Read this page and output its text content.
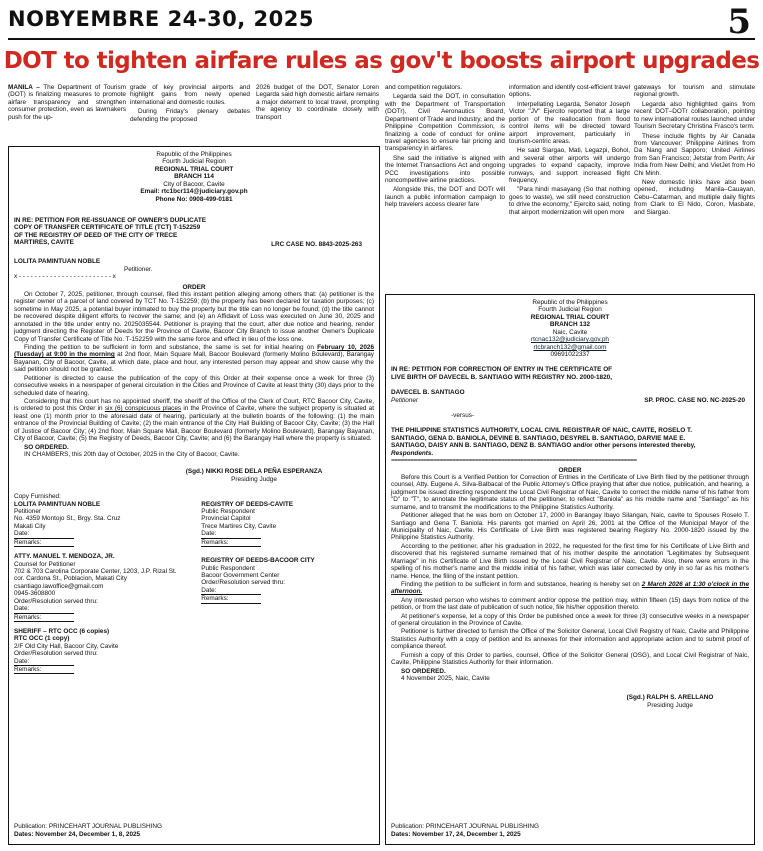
NOBYEMBRE 24-30, 2025	5
DOT to tighten airfare rules as gov't boosts airport upgrades

MANILA – The Department of Tourism (DOT) is finalizing measures to promote airfare transparency and strengthen consumer protection, even as lawmakers push for the up-

grade of key provincial airports and highlight gains from newly opened international and domestic routes.

During Friday's plenary debates defending the proposed

2026 budget of the DOT, Senator Loren Legarda said high domestic airfare remains a major deterrent to local travel, prompting the agency to coordinate closely with transport

and competition regulators.

Legarda said the DOT, in consultation with the Department of Transportation (DOTr), Civil Aeronautics Board, Department of Trade and Industry, and the Philippine Competition Commission, is finalizing a code of conduct for online travel agencies to ensure fair pricing and transparency in airfares.

She said the initiative is aligned with the Internet Transactions Act and ongoing PCC investigations into possible noncompetitive airline practices.

Alongside this, the DOT and DOTr will launch a public information campaign to help travelers access clearer fare

information and identify cost-efficient travel options.

Interpellating Legarda, Senator Joseph Victor "JV" Ejercito reported that a large portion of the reallocation from flood control items will be directed toward airport improvement, particularly in tourism-centric areas.

He said Siargao, Mati, Legazpi, Bohol, and several other airports will undergo upgrades to expand capacity, improve runways, and support increased flight frequency.

"Para hindi masayang (So that nothing goes to waste), we still need construction to drive the economy," Ejercito said, noting that airport modernization will open more

gateways for tourism and stimulate regional growth.

Legarda also highlighted gains from recent DOT–DOTr collaboration, pointing to new international routes launched under Tourism Secretary Christina Frasco's term.

These include flights by Air Canada from Vancouver; Philippine Airlines from Da Nang and Sapporo; United Airlines from San Francisco; Jetstar from Perth; Air India from New Delhi; and VietJet from Ho Chi Minh.

New domestic links have also been opened, including Manila–Cauayan, Cebu–Catarman, and multiple daily flights from Clark to El Nido, Coron, Masbate, and Siargao.

Republic of the Philippines
Fourth Judicial Region
REGIONAL TRIAL COURT
BRANCH 114
City of Bacoor, Cavite
Email: rtc1bcr114@judiciary.gov.ph
Phone No: 0908-499-0181
IN RE: PETITION FOR RE-ISSUANCE OF OWNER'S DUPLICATE COPY OF TRANSFER CERTIFICATE OF TITLE (TCT) T-152259 OF THE REGISTRY OF DEED OF THE CITY OF TRECE MARTIRES, CAVITE	LRC CASE NO. 8843-2025-263
LOLITA PAMINTUAN NOBLE
Petitioner.
x - - - - - - - - - - - - - - - - - - - - - - - - x
ORDER

On October 7, 2025, petitioner, through counsel, filed this instant petition alleging among others that: (a) petitioner is the register owner of a parcel of land covered by TCT No. T-152259; (b) the property has been declared for taxation purposes; (c) sometime in May 2025, a potential buyer intimated to buy the property but the title can no longer be found; (d) the title cannot be recovered despite diligent efforts to recover the same; and (e) an Affidavit of Loss was executed on June 30, 2025 and annotated in the title under entry no. 2025035544. Petitioner is praying that the court, after due notice and hearing, render judgment directing the Register of Deeds for the Province of Cavite, Bacoor City Branch to issue another Owner's Duplicate Copy of Transfer Certificate of Title No. T-152259 with the same force and effect in lieu of the loss one.

Finding the petition to be sufficient in form and substance, the same is set for initial hearing on February 10, 2026 (Tuesday) at 9:00 in the morning at 2nd floor, Main Square Mall, Bacoor Boulevard (formerly Molino Boulevard), Barangay Bayanan, City of Bacoor, Cavite, at which date, place and hour, any interested person may appear and show cause why the said petition should not be granted.

Petitioner is directed to cause the publication of the copy of this Order at their expense once a week for three (3) consecutive weeks in a newspaper of general circulation in the Cities and Province of Cavite at least thirty (30) days prior to the scheduled date of hearing.

Considering that this court has no appointed sheriff, the sheriff of the Office of the Clerk of Court, RTC Bacoor City, Cavite, is ordered to post this Order in six (6) conspicuous places in the Province of Cavite, where the subject property is situated at least one (1) month prior to the aforesaid date of hearing, particularly at the bulletin boards of the following: (1) the main entrance of the Provincial Building of Cavite; (2) the main entrance of the City Hall Building of Bacoor City, Cavite; (3) the Hall of Justice of Bacoor City; (4) 2nd floor, Main Square Mall, Bacoor Boulevard (formerly Molino Boulevard), Barangay Bayanan, City of Bacoor, Cavite; (5) the Registry of Deeds, Bacoor City, Cavite; and (6) the Barangay Hall where the property is situated.

SO ORDERED.

IN CHAMBERS, this 20th day of October, 2025 in the City of Bacoor, Cavite.

(Sgd.) NIKKI ROSE DELA PEÑA ESPERANZA
Presiding Judge
Copy Furnished:
LOLITA PAMINTUAN NOBLE
Petitioner
No. 4359 Montojo St., Brgy. Sta. Cruz
Makati City
Date:
Remarks:
ATTY. MANUEL T. MENDOZA, JR.
Counsel for Petitioner
702 & 703 Carolina Corporate Center, 1203, J.P. Rizal St. cor. Cardona St., Poblacion, Makati City
csantiago.lawoffice@gmail.com
0945-3608800
Order/Resolution served thru:
Date:
Remarks:
SHERIFF – RTC OCC (6 copies)
RTC OCC (1 copy)
2/F Old City Hall, Bacoor City, Cavite
Order/Resolution served thru:
Date:
Remarks:
REGISTRY OF DEEDS-CAVITE
Public Respondent
Provincial Capitol
Trece Martires City, Cavite
Date:
Remarks:
REGISTRY OF DEEDS-BACOOR CITY
Public Respondent
Bacoor Government Center
Order/Resolution served thru:
Date:
Remarks:
Publication: PRINCEHART JOURNAL PUBLISHING
Dates: November 24, December 1, 8, 2025
Republic of the Philippines
Fourth Judicial Region
REGIONAL TRIAL COURT
BRANCH 132
Naic, Cavite
rtcnac132@judiciary.gov.ph
rtcbranch132@gmail.com
09691022337
IN RE: PETITION FOR CORRECTION OF ENTRY IN THE CERTIFICATE OF LIVE BIRTH OF DAVECEL B. SANTIAGO WITH REGISTRY NO. 2000-1820,
DAVECEL B. SANTIAGO
Petitioner	SP. PROC. CASE NO. NC-2025-20
-versus-
THE PHILIPPINE STATISTICS AUTHORITY, LOCAL CIVIL REGISTRAR OF NAIC, CAVITE, ROSELO T. SANTIAGO, GENA D. BANIOLA, DEVINE B. SANTIAGO, DESYREL B. SANTIAGO, DARVIE MAE E. SANTIAGO, DAISY ANN B. SANTIAGO, DENZ B. SANTIAGO and/or other persons interested thereby,
Respondents.
============================================================================
ORDER

Before this Court is a Verified Petition for Correction of Entries in the Certificate of Live Birth filed by the petitioner through counsel, Atty. Eugene A. Silva-Balbacal of the Public Attorney's Office praying that after due notice, publication, and hearing, a judgment be issued directing respondent the Local Civil Registrar of Naic, Cavite to correct the middle name of his father from "D" to "T", to annotate the legitimate status of the petitioner, to reflect "Baniola" as his middle name and "Santiago" as his surname, and to transmit the modifications to the Philippine Statistics Authority.

Petitioner alleged that he was born on October 17, 2000 in Barangay Ibayo Silangan, Naic, cavite to Spouses Roselo T. Santiago and Gena T. Baniola. His parents got married on April 26, 2001 at the Office of the Municipal Mayor of the Municipality of Naic, Cavite. His Certificate of Live Birth was registered bearing Registry No. 2000-1820 issued by the Philippine Statistics Authority.

According to the petitioner, after his graduation in 2022, he requested for the first time for his Certificate of Live Birth and discovered that his registered surname remained that of his mother despite the annotation "Legitimates by Subsequent Marriage" in his Certificate of Live Birth issued by the Local Civil Registrar of Naic, Cavite. Also, there were errors in the spelling of his mother's name and the middle initial of his father, which was later corrected by only in so far as his mother's name. Hence, the filing of the instant petition.

Finding the petition to be sufficient in form and substance, hearing is hereby set on 2 March 2026 at 1:30 o'clock in the afternoon.

Any interested person who wishes to comment and/or oppose the petition may, within fifteen (15) days from notice of the petition, or from the last date of publication of such notice, file his/her opposition thereto.

At petitioner's expense, let a copy of this Order be published once a week for three (3) consecutive weeks in a newspaper of general circulation in the Province of Cavite.

Petitioner is further directed to furnish the Office of the Solicitor General, Local Civil Registry of Naic, Cavite and Philippine Statistics Authority with a copy of petition and its annexes for their information and appropriate action and to submit proof of compliance thereof.

Furnish a copy of this Order to parties, counsel, Office of the Solicitor General (OSG), and Local Civil Registrar of Naic, Cavite, Philippine Statistics Authority for their information.

SO ORDERED.
4 November 2025, Naic, Cavite
(Sgd.) RALPH S. ARELLANO
Presiding Judge
Publication: PRINCEHART JOURNAL PUBLISHING
Dates: November 17, 24, December 1, 2025
